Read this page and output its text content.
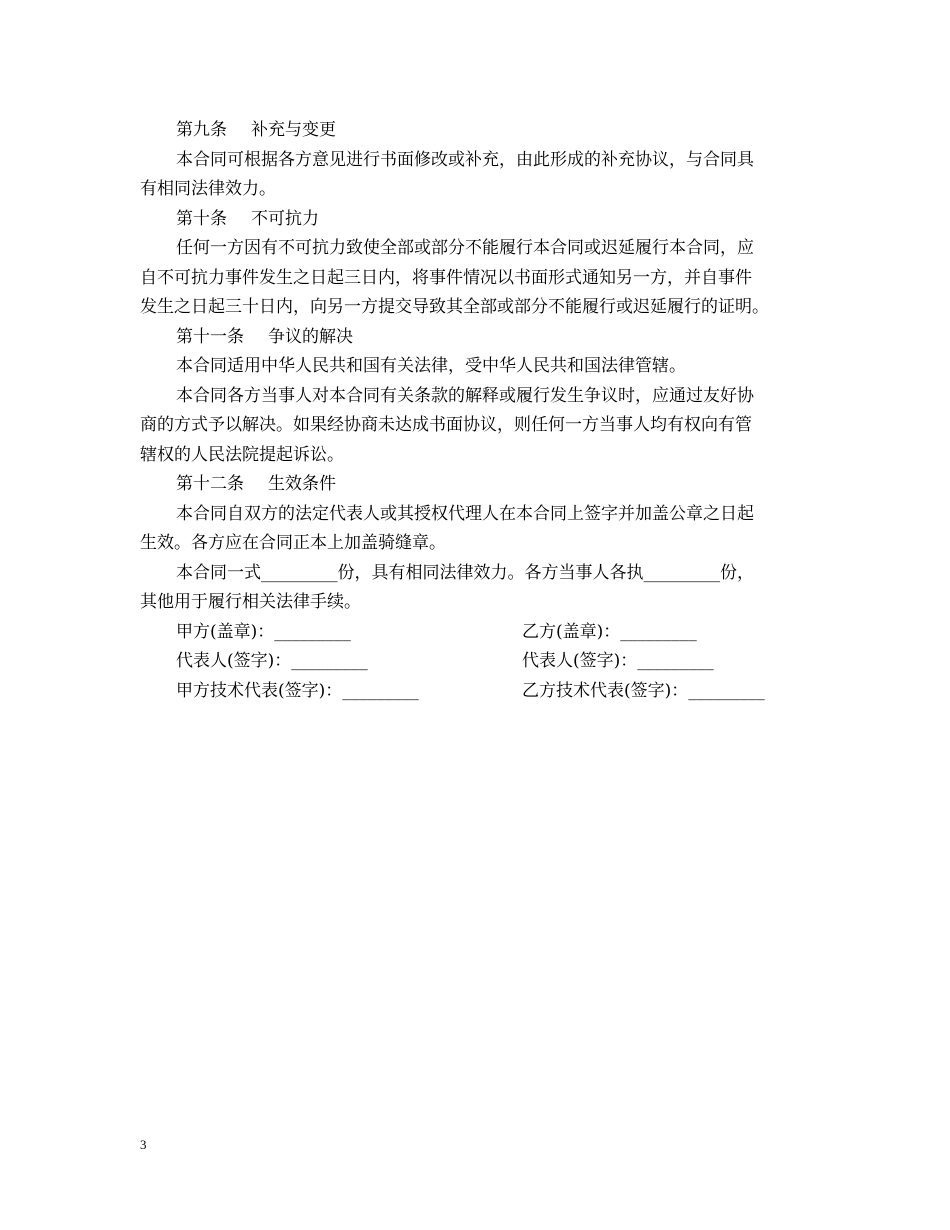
第九条 补充与变更
本合同可根据各方意见进行书面修改或补充，由此形成的补充协议，与合同具
有相同法律效力。
第十条 不可抗力
任何一方因有不可抗力致使全部或部分不能履行本合同或迟延履行本合同，应
自不可抗力事件发生之日起三日内，将事件情况以书面形式通知另一方，并自事件
发生之日起三十日内，向另一方提交导致其全部或部分不能履行或迟延履行的证明。
第十一条 争议的解决
本合同适用中华人民共和国有关法律，受中华人民共和国法律管辖。
本合同各方当事人对本合同有关条款的解释或履行发生争议时，应通过友好协
商的方式予以解决。如果经协商未达成书面协议，则任何一方当事人均有权向有管
辖权的人民法院提起诉讼。
第十二条 生效条件
本合同自双方的法定代表人或其授权代理人在本合同上签字并加盖公章之日起
生效。各方应在合同正本上加盖骑缝章。
本合同一式_________份，具有相同法律效力。各方当事人各执_________份，
其他用于履行相关法律手续。
甲方(盖章)：_________	乙方(盖章)：_________
代表人(签字)：_________	代表人(签字)：_________
甲方技术代表(签字)：_________	乙方技术代表(签字)：_________
3
